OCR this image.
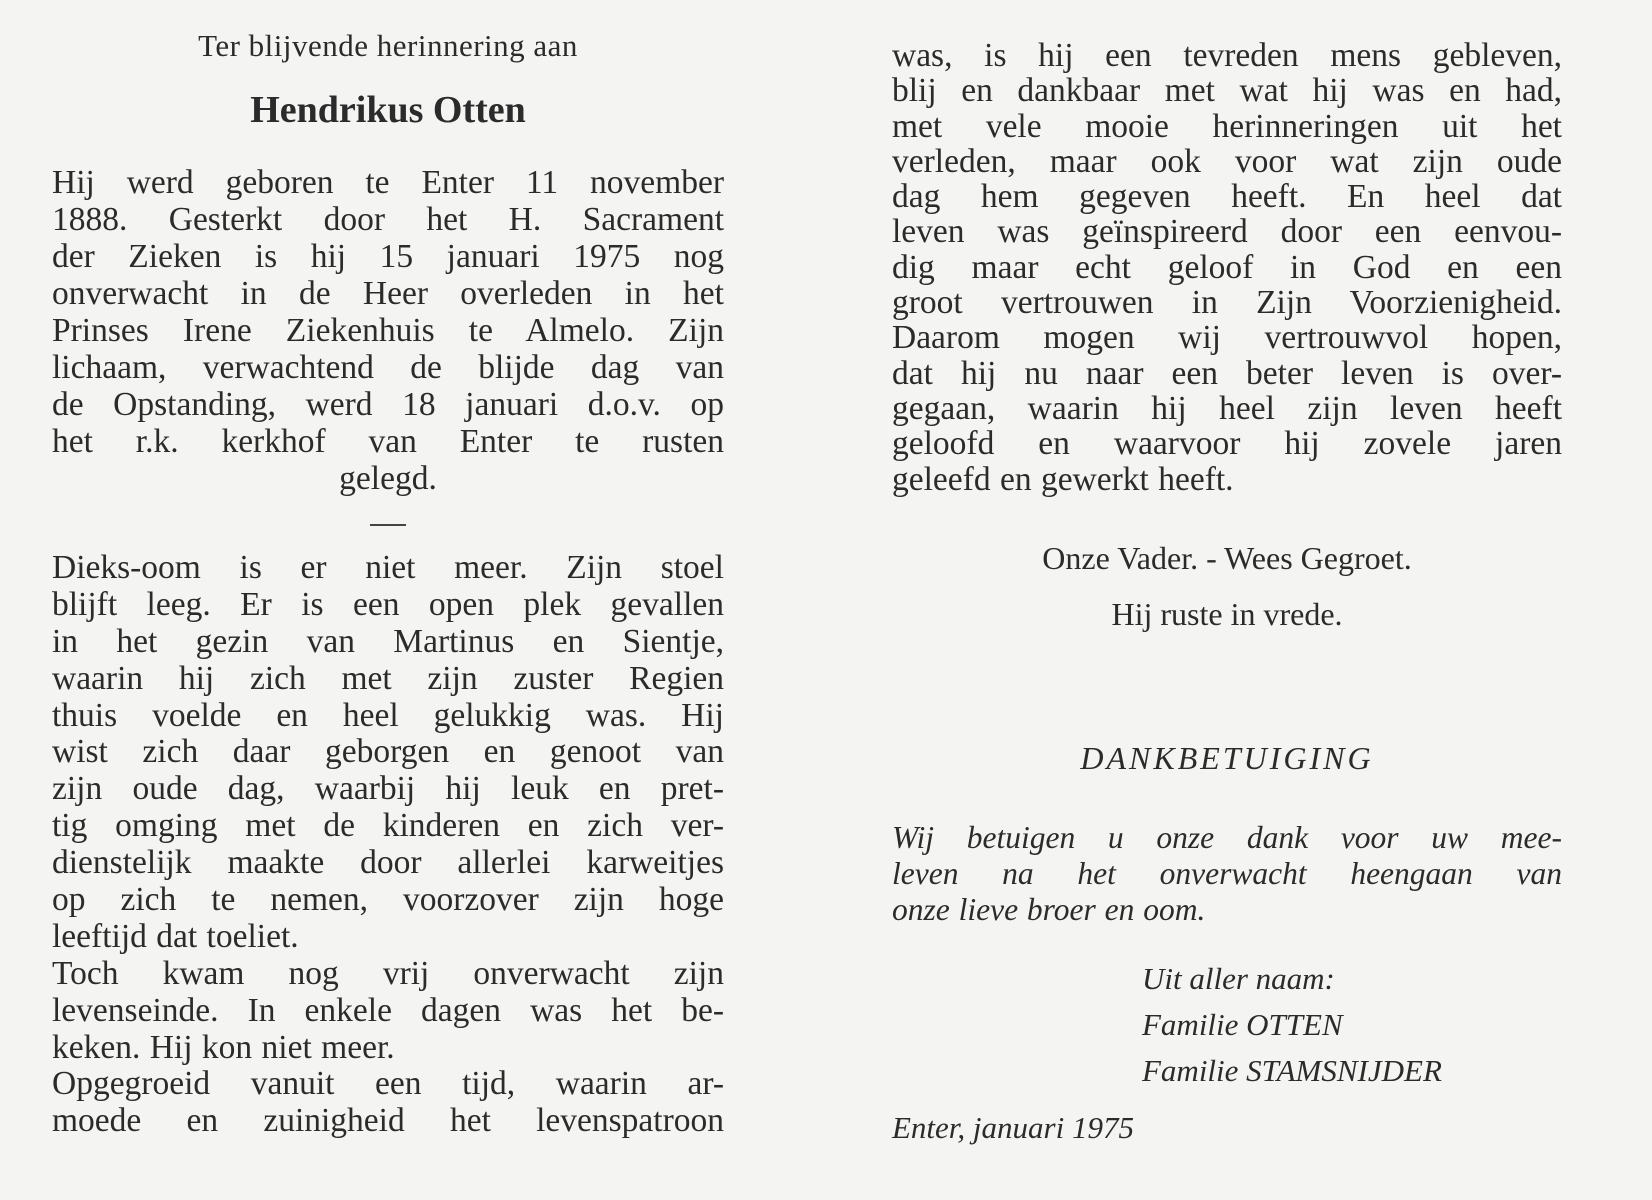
Ter blijvende herinnering aan
Hendrikus Otten
Hij werd geboren te Enter 11 november
1888. Gesterkt door het H. Sacrament
der Zieken is hij 15 januari 1975 nog
onverwacht in de Heer overleden in het
Prinses Irene Ziekenhuis te Almelo. Zijn
lichaam, verwachtend de blijde dag van
de Opstanding, werd 18 januari d.o.v. op
het r.k. kerkhof van Enter te rusten
gelegd.
Dieks-oom is er niet meer. Zijn stoel
blijft leeg. Er is een open plek gevallen
in het gezin van Martinus en Sientje,
waarin hij zich met zijn zuster Regien
thuis voelde en heel gelukkig was. Hij
wist zich daar geborgen en genoot van
zijn oude dag, waarbij hij leuk en pret-
tig omging met de kinderen en zich ver-
dienstelijk maakte door allerlei karweitjes
op zich te nemen, voorzover zijn hoge
leeftijd dat toeliet.
Toch kwam nog vrij onverwacht zijn
levenseinde. In enkele dagen was het be-
keken. Hij kon niet meer.
Opgegroeid vanuit een tijd, waarin ar-
moede en zuinigheid het levenspatroon
was, is hij een tevreden mens gebleven,
blij en dankbaar met wat hij was en had,
met vele mooie herinneringen uit het
verleden, maar ook voor wat zijn oude
dag hem gegeven heeft. En heel dat
leven was geïnspireerd door een eenvou-
dig maar echt geloof in God en een
groot vertrouwen in Zijn Voorzienigheid.
Daarom mogen wij vertrouwvol hopen,
dat hij nu naar een beter leven is over-
gegaan, waarin hij heel zijn leven heeft
geloofd en waarvoor hij zovele jaren
geleefd en gewerkt heeft.
Onze Vader. - Wees Gegroet.
Hij ruste in vrede.
DANKBETUIGING
Wij betuigen u onze dank voor uw mee-
leven na het onverwacht heengaan van
onze lieve broer en oom.
Uit aller naam:
Familie OTTEN
Familie STAMSNIJDER
Enter, januari 1975
